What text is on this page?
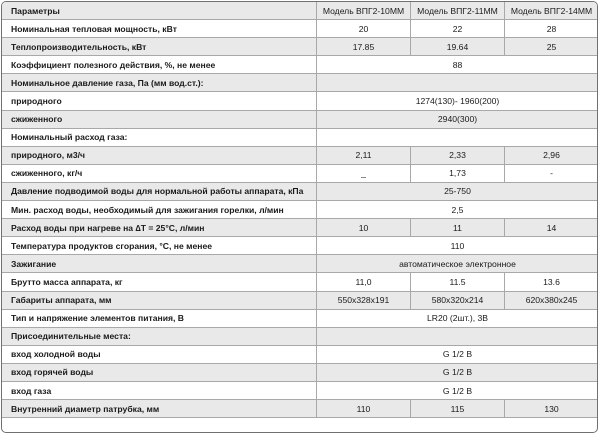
Параметры	Модель ВПГ2-10ММ	Модель ВПГ2-11ММ	Модель ВПГ2-14ММ
Номинальная тепловая мощность, кВт	20	22	28
Теплопроизводительность, кВт	17.85	19.64	25
Коэффициент полезного действия, %, не менее	88		
Номинальное давление газа, Па (мм вод.ст.):			
природного	1274(130)- 1960(200)		
сжиженного	2940(300)		
Номинальный расход газа:			
природного, м3/ч	2,11	2,33	2,96
сжиженного, кг/ч	_	1,73	-
Давление подводимой воды для нормальной работы аппарата, кПа	25-750		
Мин. расход воды, необходимый для зажигания горелки, л/мин	2,5		
Расход воды при нагреве на ∆T = 25°C, л/мин	10	11	14
Температура продуктов сгорания, °C, не менее	110		
Зажигание	автоматическое электронное		
Брутто масса аппарата, кг	11,0	11.5	13.6
Габариты аппарата, мм	550x328x191	580x320x214	620x380x245
Тип и напряжение элементов питания, В	LR20 (2шт.), 3В		
Присоединительные места:			
вход холодной воды	G 1/2 B		
вход горячей воды	G 1/2 B		
вход газа	G 1/2 B		
Внутренний диаметр патрубка, мм	110	115	130
